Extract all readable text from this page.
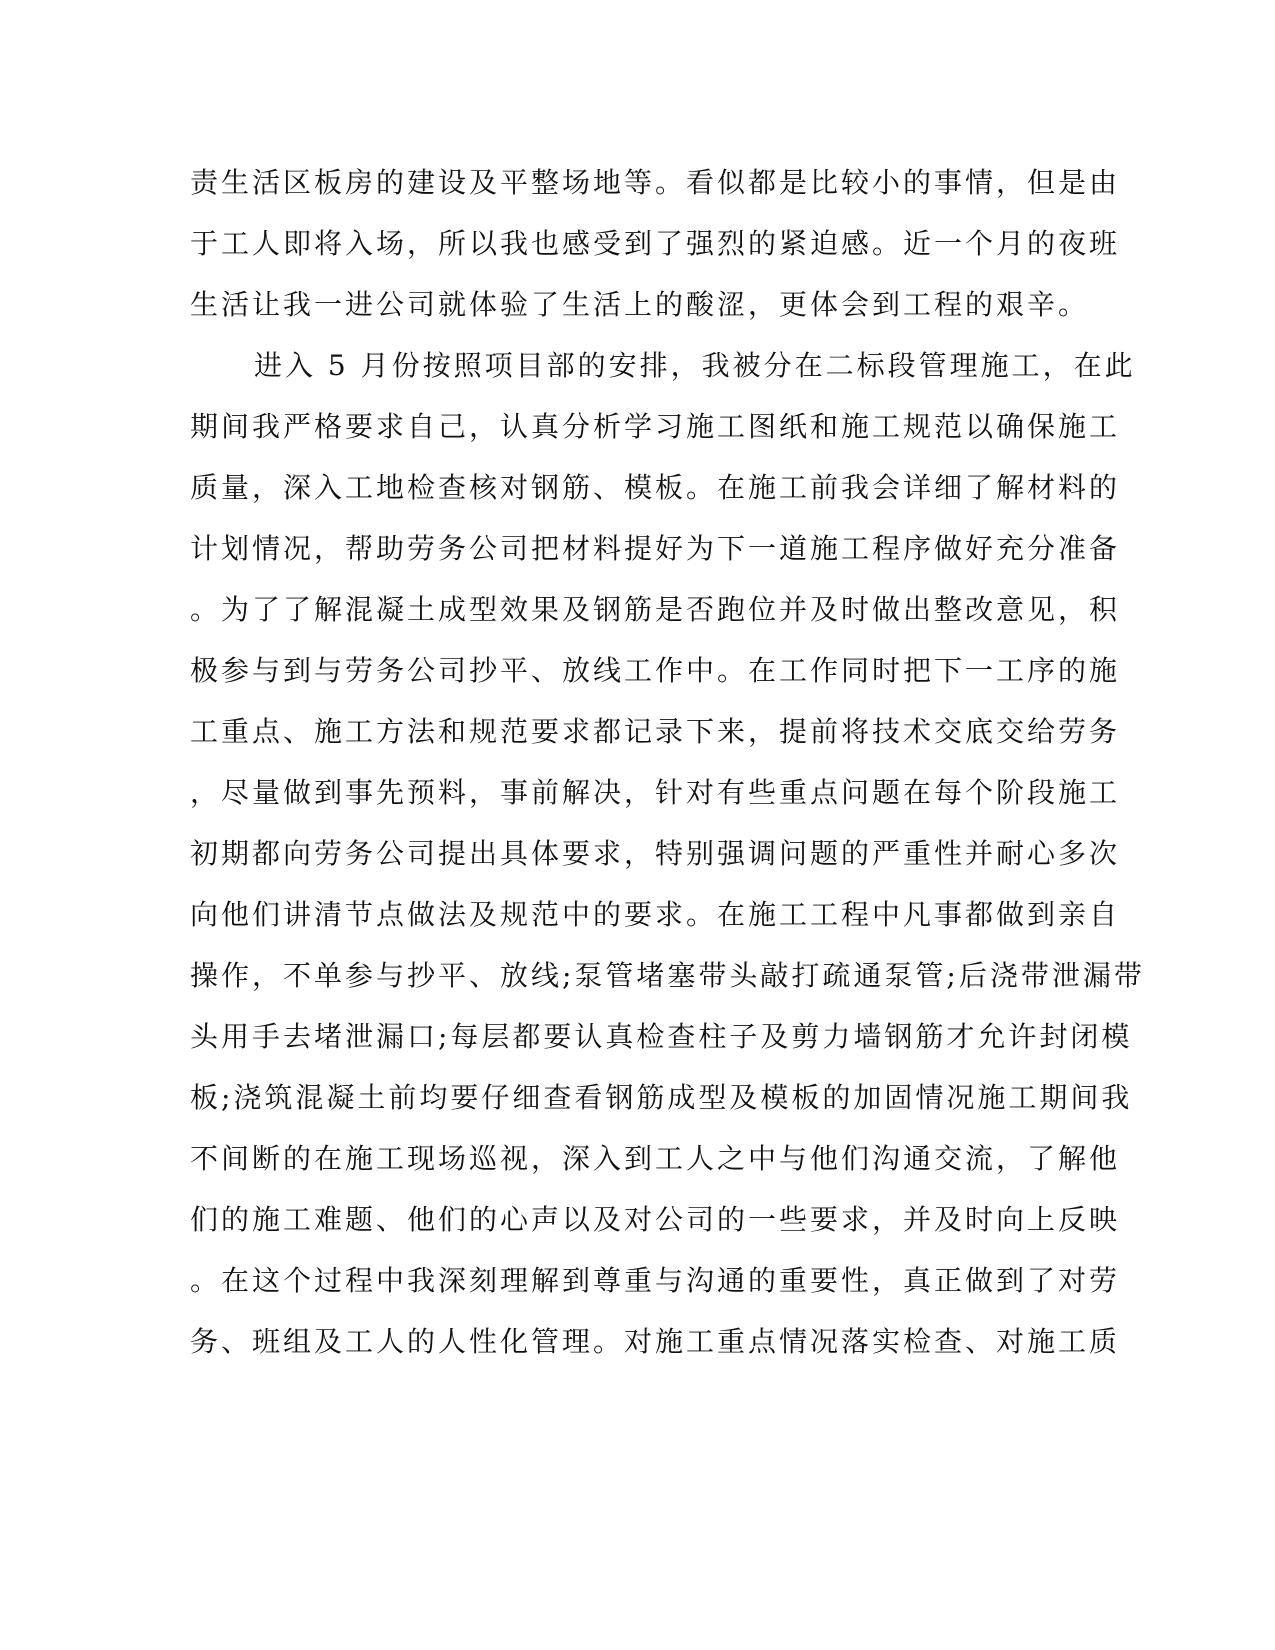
责生活区板房的建设及平整场地等。看似都是比较小的事情，但是由
于工人即将入场，所以我也感受到了强烈的紧迫感。近一个月的夜班
生活让我一进公司就体验了生活上的酸涩，更体会到工程的艰辛。
进入 5 月份按照项目部的安排，我被分在二标段管理施工，在此
期间我严格要求自己，认真分析学习施工图纸和施工规范以确保施工
质量，深入工地检查核对钢筋、模板。在施工前我会详细了解材料的
计划情况，帮助劳务公司把材料提好为下一道施工程序做好充分准备
。为了了解混凝土成型效果及钢筋是否跑位并及时做出整改意见，积
极参与到与劳务公司抄平、放线工作中。在工作同时把下一工序的施
工重点、施工方法和规范要求都记录下来，提前将技术交底交给劳务
，尽量做到事先预料，事前解决，针对有些重点问题在每个阶段施工
初期都向劳务公司提出具体要求，特别强调问题的严重性并耐心多次
向他们讲清节点做法及规范中的要求。在施工工程中凡事都做到亲自
操作，不单参与抄平、放线;泵管堵塞带头敲打疏通泵管;后浇带泄漏带
头用手去堵泄漏口;每层都要认真检查柱子及剪力墙钢筋才允许封闭模
板;浇筑混凝土前均要仔细查看钢筋成型及模板的加固情况施工期间我
不间断的在施工现场巡视，深入到工人之中与他们沟通交流，了解他
们的施工难题、他们的心声以及对公司的一些要求，并及时向上反映
。在这个过程中我深刻理解到尊重与沟通的重要性，真正做到了对劳
务、班组及工人的人性化管理。对施工重点情况落实检查、对施工质
